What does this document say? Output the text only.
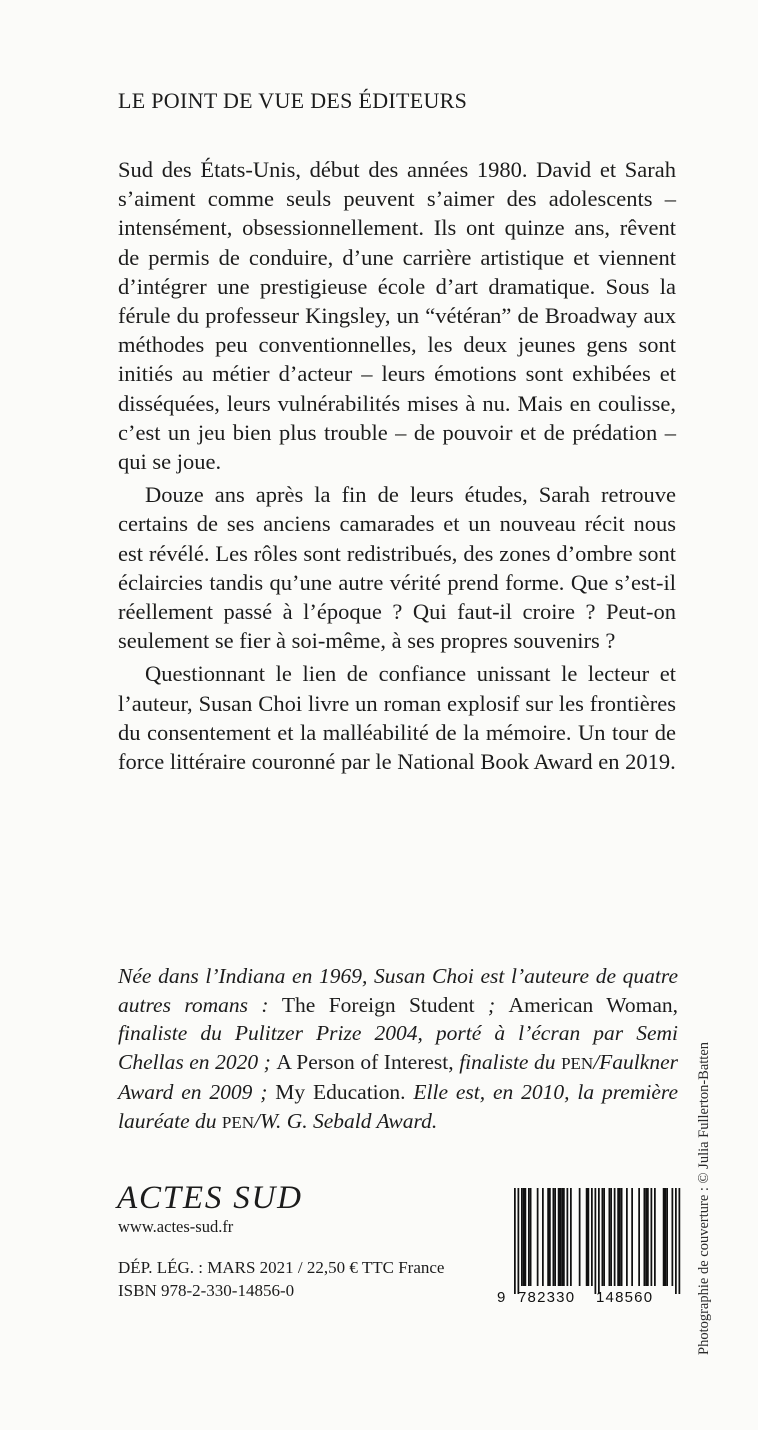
LE POINT DE VUE DES ÉDITEURS

Sud des États-Unis, début des années 1980. David et Sarah s’aiment comme seuls peuvent s’aimer des adolescents – intensément, obsessionnellement. Ils ont quinze ans, rêvent de permis de conduire, d’une carrière artistique et viennent d’intégrer une prestigieuse école d’art dramatique. Sous la férule du professeur Kingsley, un “vétéran” de Broadway aux méthodes peu conventionnelles, les deux jeunes gens sont initiés au métier d’acteur – leurs émotions sont exhibées et disséquées, leurs vulnérabilités mises à nu. Mais en coulisse, c’est un jeu bien plus trouble – de pouvoir et de prédation – qui se joue.

Douze ans après la fin de leurs études, Sarah retrouve certains de ses anciens camarades et un nouveau récit nous est révélé. Les rôles sont redistribués, des zones d’ombre sont éclaircies tandis qu’une autre vérité prend forme. Que s’est-il réellement passé à l’époque ? Qui faut-il croire ? Peut-on seulement se fier à soi-même, à ses propres souvenirs ?

Questionnant le lien de confiance unissant le lecteur et l’auteur, Susan Choi livre un roman explosif sur les frontières du consentement et la malléabilité de la mémoire. Un tour de force littéraire couronné par le National Book Award en 2019.

Née dans l’Indiana en 1969, Susan Choi est l’auteure de quatre autres romans : The Foreign Student ; American Woman, finaliste du Pulitzer Prize 2004, porté à l’écran par Semi Chellas en 2020 ; A Person of Interest, finaliste du PEN/Faulkner Award en 2009 ; My Education. Elle est, en 2010, la première lauréate du PEN/W. G. Sebald Award.

ACTES SUD
www.actes-sud.fr
DÉP. LÉG. : MARS 2021 / 22,50 € TTC France
ISBN 978-2-330-14856-0	9 782330 148560	Photographie de couverture : © Julia Fullerton-Batten
